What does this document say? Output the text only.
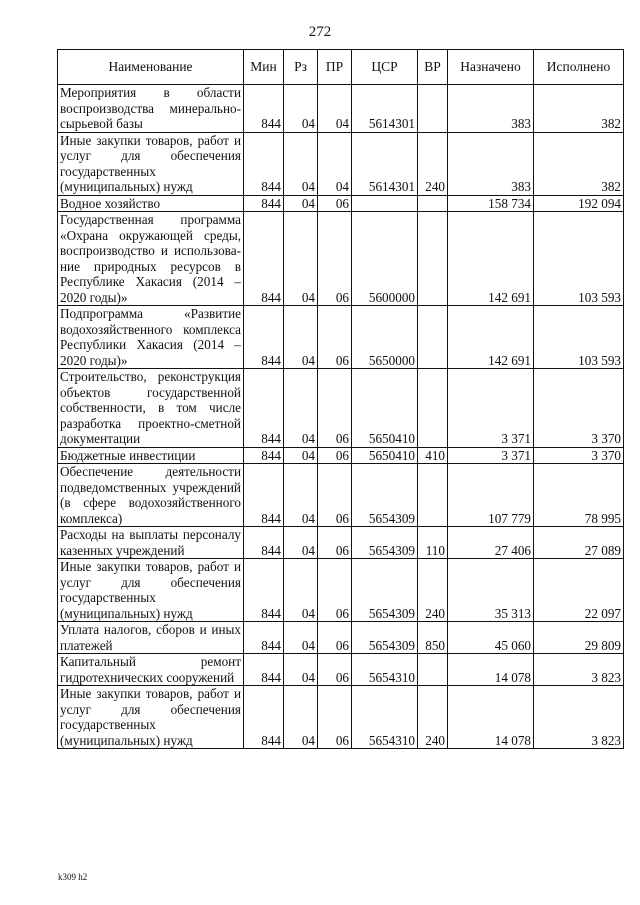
272
Наименование	Мин	Рз	ПР	ЦСР	ВР	Назначено	Исполнено
Мероприятия в области воспроизводства минерально-сырьевой базы	844	04	04	5614301		383	382
Иные закупки товаров, работ и услуг для обеспечения государственных (муниципальных) нужд	844	04	04	5614301	240	383	382
Водное хозяйство	844	04	06			158 734	192 094
Государственная программа «Охрана окружающей среды, воспроизводство и использование природных ресурсов в Республике Хакасия (2014 – 2020 годы)»	844	04	06	5600000		142 691	103 593
Подпрограмма «Развитие водохозяйственного комплекса Республики Хакасия (2014 – 2020 годы)»	844	04	06	5650000		142 691	103 593
Строительство, реконструкция объектов государственной собственности, в том числе разработка проектно-сметной документации	844	04	06	5650410		3 371	3 370
Бюджетные инвестиции	844	04	06	5650410	410	3 371	3 370
Обеспечение деятельности подведомственных учреждений (в сфере водохозяйственного комплекса)	844	04	06	5654309		107 779	78 995
Расходы на выплаты персоналу казенных учреждений	844	04	06	5654309	110	27 406	27 089
Иные закупки товаров, работ и услуг для обеспечения государственных (муниципальных) нужд	844	04	06	5654309	240	35 313	22 097
Уплата налогов, сборов и иных платежей	844	04	06	5654309	850	45 060	29 809
Капитальный ремонт гидротехнических сооружений	844	04	06	5654310		14 078	3 823
Иные закупки товаров, работ и услуг для обеспечения государственных (муниципальных) нужд	844	04	06	5654310	240	14 078	3 823
k309 h2
